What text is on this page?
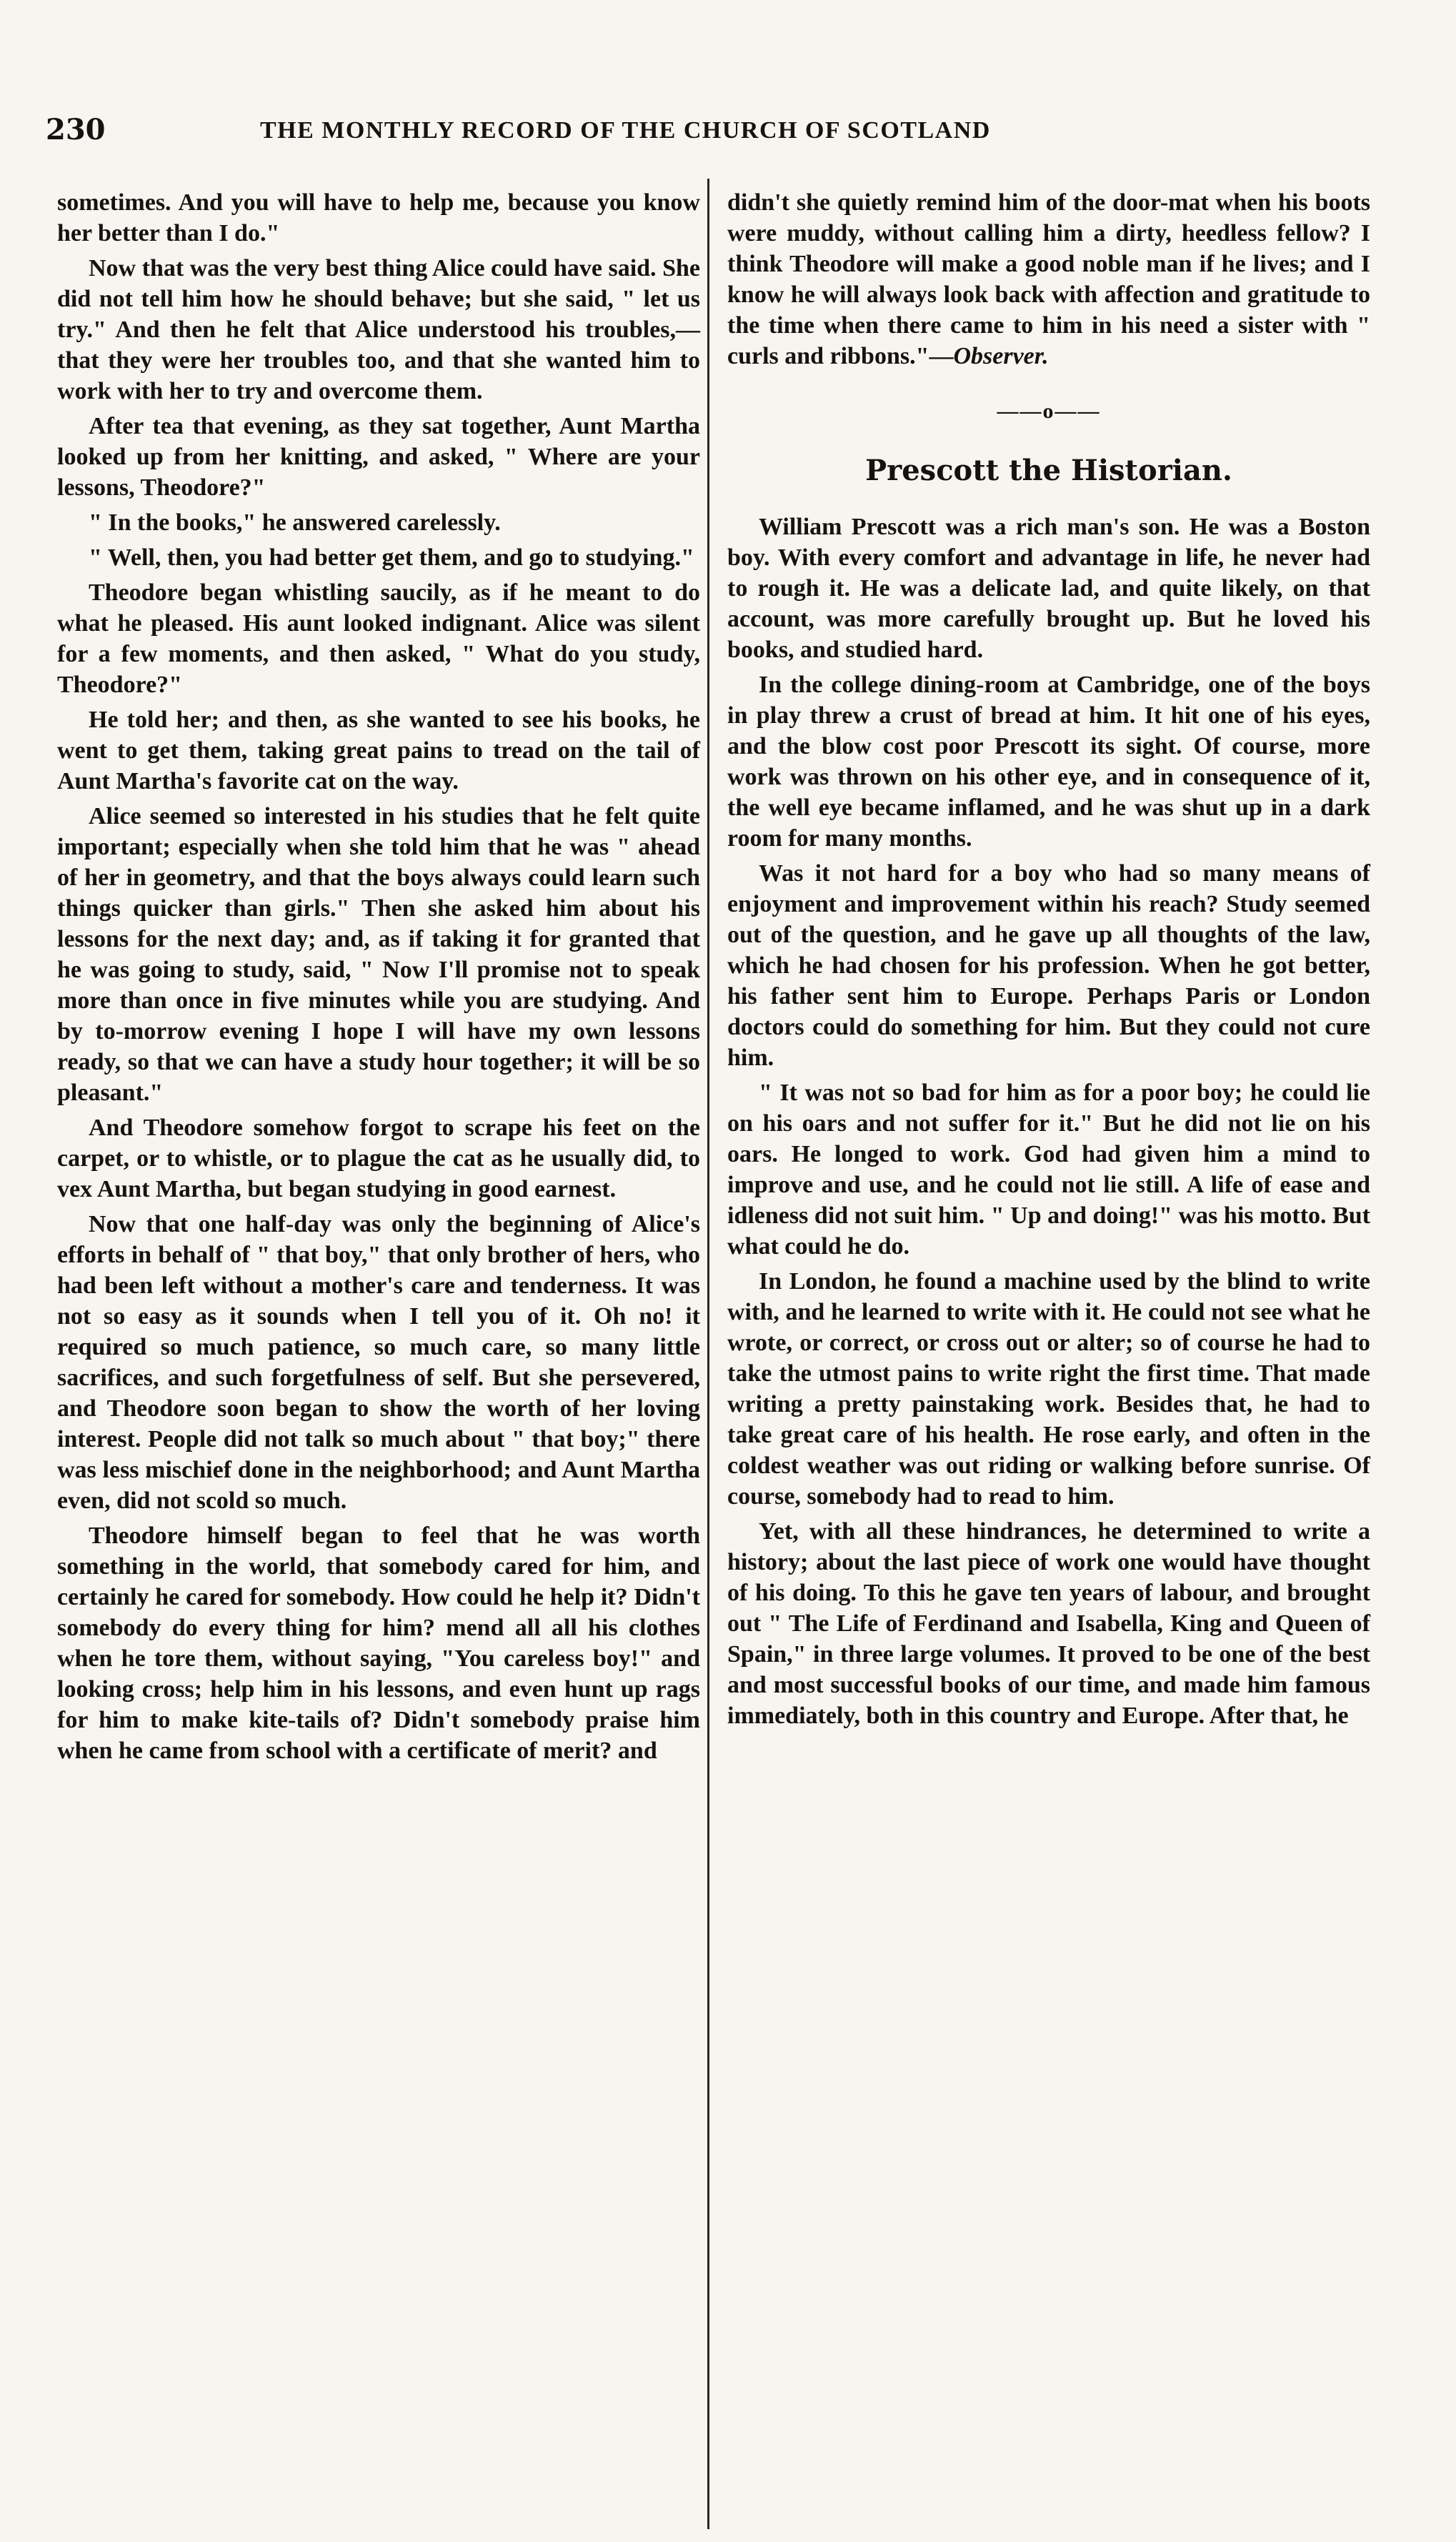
230	THE MONTHLY RECORD OF THE CHURCH OF SCOTLAND

sometimes. And you will have to help me, because you know her better than I do."

Now that was the very best thing Alice could have said. She did not tell him how he should behave; but she said, " let us try." And then he felt that Alice understood his troubles,—that they were her troubles too, and that she wanted him to work with her to try and overcome them.

After tea that evening, as they sat together, Aunt Martha looked up from her knitting, and asked, " Where are your lessons, Theodore?"

" In the books," he answered carelessly.

" Well, then, you had better get them, and go to studying."

Theodore began whistling saucily, as if he meant to do what he pleased. His aunt looked indignant. Alice was silent for a few moments, and then asked, " What do you study, Theodore?"

He told her; and then, as she wanted to see his books, he went to get them, taking great pains to tread on the tail of Aunt Martha's favorite cat on the way.

Alice seemed so interested in his studies that he felt quite important; especially when she told him that he was " ahead of her in geometry, and that the boys always could learn such things quicker than girls." Then she asked him about his lessons for the next day; and, as if taking it for granted that he was going to study, said, " Now I'll promise not to speak more than once in five minutes while you are studying. And by to-morrow evening I hope I will have my own lessons ready, so that we can have a study hour together; it will be so pleasant."

And Theodore somehow forgot to scrape his feet on the carpet, or to whistle, or to plague the cat as he usually did, to vex Aunt Martha, but began studying in good earnest.

Now that one half-day was only the beginning of Alice's efforts in behalf of " that boy," that only brother of hers, who had been left without a mother's care and tenderness. It was not so easy as it sounds when I tell you of it. Oh no! it required so much patience, so much care, so many little sacrifices, and such forgetfulness of self. But she persevered, and Theodore soon began to show the worth of her loving interest. People did not talk so much about " that boy;" there was less mischief done in the neighborhood; and Aunt Martha even, did not scold so much.

Theodore himself began to feel that he was worth something in the world, that somebody cared for him, and certainly he cared for somebody. How could he help it? Didn't somebody do every thing for him? mend all all his clothes when he tore them, without saying, "You careless boy!" and looking cross; help him in his lessons, and even hunt up rags for him to make kite-tails of? Didn't somebody praise him when he came from school with a certificate of merit? and

didn't she quietly remind him of the door-mat when his boots were muddy, without calling him a dirty, heedless fellow? I think Theodore will make a good noble man if he lives; and I know he will always look back with affection and gratitude to the time when there came to him in his need a sister with " curls and ribbons."—Observer.

——o——
Prescott the Historian.

William Prescott was a rich man's son. He was a Boston boy. With every comfort and advantage in life, he never had to rough it. He was a delicate lad, and quite likely, on that account, was more carefully brought up. But he loved his books, and studied hard.

In the college dining-room at Cambridge, one of the boys in play threw a crust of bread at him. It hit one of his eyes, and the blow cost poor Prescott its sight. Of course, more work was thrown on his other eye, and in consequence of it, the well eye became inflamed, and he was shut up in a dark room for many months.

Was it not hard for a boy who had so many means of enjoyment and improvement within his reach? Study seemed out of the question, and he gave up all thoughts of the law, which he had chosen for his profession. When he got better, his father sent him to Europe. Perhaps Paris or London doctors could do something for him. But they could not cure him.

" It was not so bad for him as for a poor boy; he could lie on his oars and not suffer for it." But he did not lie on his oars. He longed to work. God had given him a mind to improve and use, and he could not lie still. A life of ease and idleness did not suit him. " Up and doing!" was his motto. But what could he do.

In London, he found a machine used by the blind to write with, and he learned to write with it. He could not see what he wrote, or correct, or cross out or alter; so of course he had to take the utmost pains to write right the first time. That made writing a pretty painstaking work. Besides that, he had to take great care of his health. He rose early, and often in the coldest weather was out riding or walking before sunrise. Of course, somebody had to read to him.

Yet, with all these hindrances, he determined to write a history; about the last piece of work one would have thought of his doing. To this he gave ten years of labour, and brought out " The Life of Ferdinand and Isabella, King and Queen of Spain," in three large volumes. It proved to be one of the best and most successful books of our time, and made him famous immediately, both in this country and Europe. After that, he
